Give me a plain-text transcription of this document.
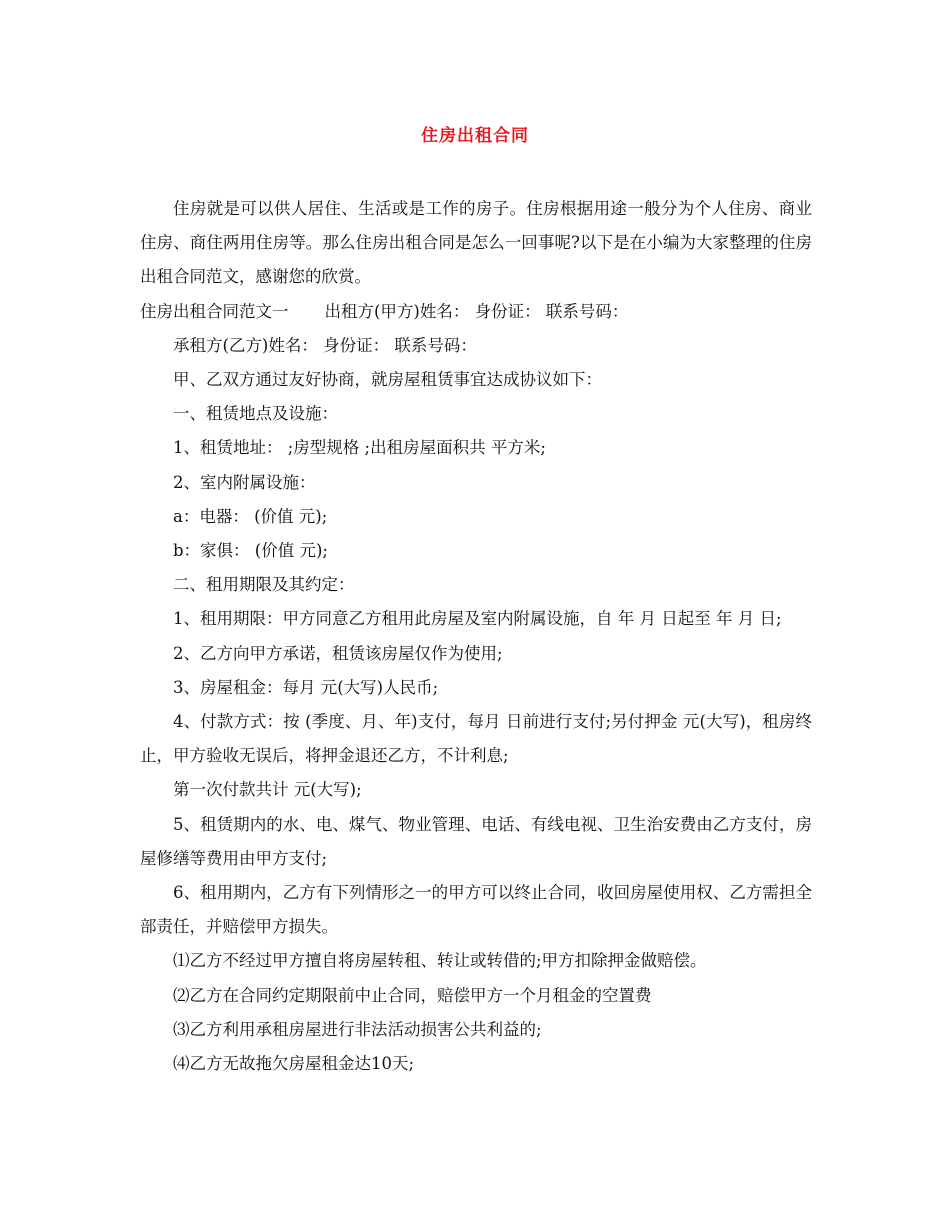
住房出租合同

住房就是可以供人居住、生活或是工作的房子。住房根据用途一般分为个人住房、商业住房、商住两用住房等。那么住房出租合同是怎么一回事呢?以下是在小编为大家整理的住房出租合同范文，感谢您的欣赏。

住房出租合同范文一 出租方(甲方)姓名： 身份证： 联系号码：

承租方(乙方)姓名： 身份证： 联系号码：

甲、乙双方通过友好协商，就房屋租赁事宜达成协议如下：

一、租赁地点及设施：

1、租赁地址： ;房型规格 ;出租房屋面积共 平方米;

2、室内附属设施：

a：电器： (价值 元);

b：家俱： (价值 元);

二、租用期限及其约定：

1、租用期限：甲方同意乙方租用此房屋及室内附属设施，自 年 月 日起至 年 月 日;

2、乙方向甲方承诺，租赁该房屋仅作为使用;

3、房屋租金：每月 元(大写)人民币;

4、付款方式：按 (季度、月、年)支付，每月 日前进行支付;另付押金 元(大写)，租房终止，甲方验收无误后，将押金退还乙方，不计利息;

第一次付款共计 元(大写);

5、租赁期内的水、电、煤气、物业管理、电话、有线电视、卫生治安费由乙方支付，房屋修缮等费用由甲方支付;

6、租用期内，乙方有下列情形之一的甲方可以终止合同，收回房屋使用权、乙方需担全部责任，并赔偿甲方损失。

⑴乙方不经过甲方擅自将房屋转租、转让或转借的;甲方扣除押金做赔偿。

⑵乙方在合同约定期限前中止合同，赔偿甲方一个月租金的空置费

⑶乙方利用承租房屋进行非法活动损害公共利益的;

⑷乙方无故拖欠房屋租金达10天;
